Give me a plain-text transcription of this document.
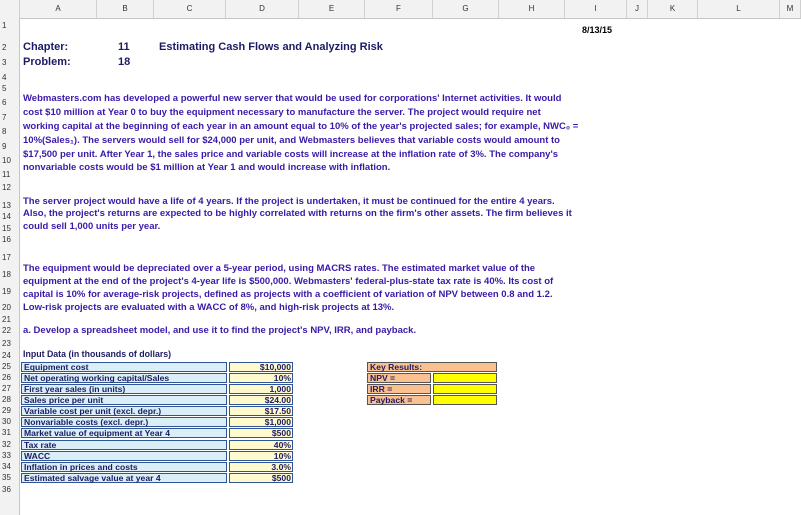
A	B	C	D	E	F	G	H	I	J	K	L	M
1
2
3
4
5
6
7
8
9
10
11
12
13
14
15
16
17
18
19
20
21
22
23
24
25
26
27
28
29
30
31
32
33
34
35
36
8/13/15
Chapter:	11	Estimating Cash Flows and Analyzing Risk
Problem:	18
Webmasters.com has developed a powerful new server that would be used for corporations' Internet activities. It would
cost $10 million at Year 0 to buy the equipment necessary to manufacture the server. The project would require net
working capital at the beginning of each year in an amount equal to 10% of the year's projected sales; for example, NWC₀ =
10%(Sales₁). The servers would sell for $24,000 per unit, and Webmasters believes that variable costs would amount to
$17,500 per unit. After Year 1, the sales price and variable costs will increase at the inflation rate of 3%. The company's
nonvariable costs would be $1 million at Year 1 and would increase with inflation.
The server project would have a life of 4 years. If the project is undertaken, it must be continued for the entire 4 years.
Also, the project's returns are expected to be highly correlated with returns on the firm's other assets. The firm believes it
could sell 1,000 units per year.
The equipment would be depreciated over a 5-year period, using MACRS rates. The estimated market value of the
equipment at the end of the project's 4-year life is $500,000. Webmasters' federal-plus-state tax rate is 40%. Its cost of
capital is 10% for average-risk projects, defined as projects with a coefficient of variation of NPV between 0.8 and 1.2.
Low-risk projects are evaluated with a WACC of 8%, and high-risk projects at 13%.
a. Develop a spreadsheet model, and use it to find the project's NPV, IRR, and payback.
Input Data (in thousands of dollars)
Equipment cost	$10,000
Net operating working capital/Sales	10%
First year sales (in units)	1,000
Sales price per unit	$24.00
Variable cost per unit (excl. depr.)	$17.50
Nonvariable costs (excl. depr.)	$1,000
Market value of equipment at Year 4	$500
Tax rate	40%
WACC	10%
Inflation in prices and costs	3.0%
Estimated salvage value at year 4	$500
Key Results:
NPV =
IRR =
Payback =
